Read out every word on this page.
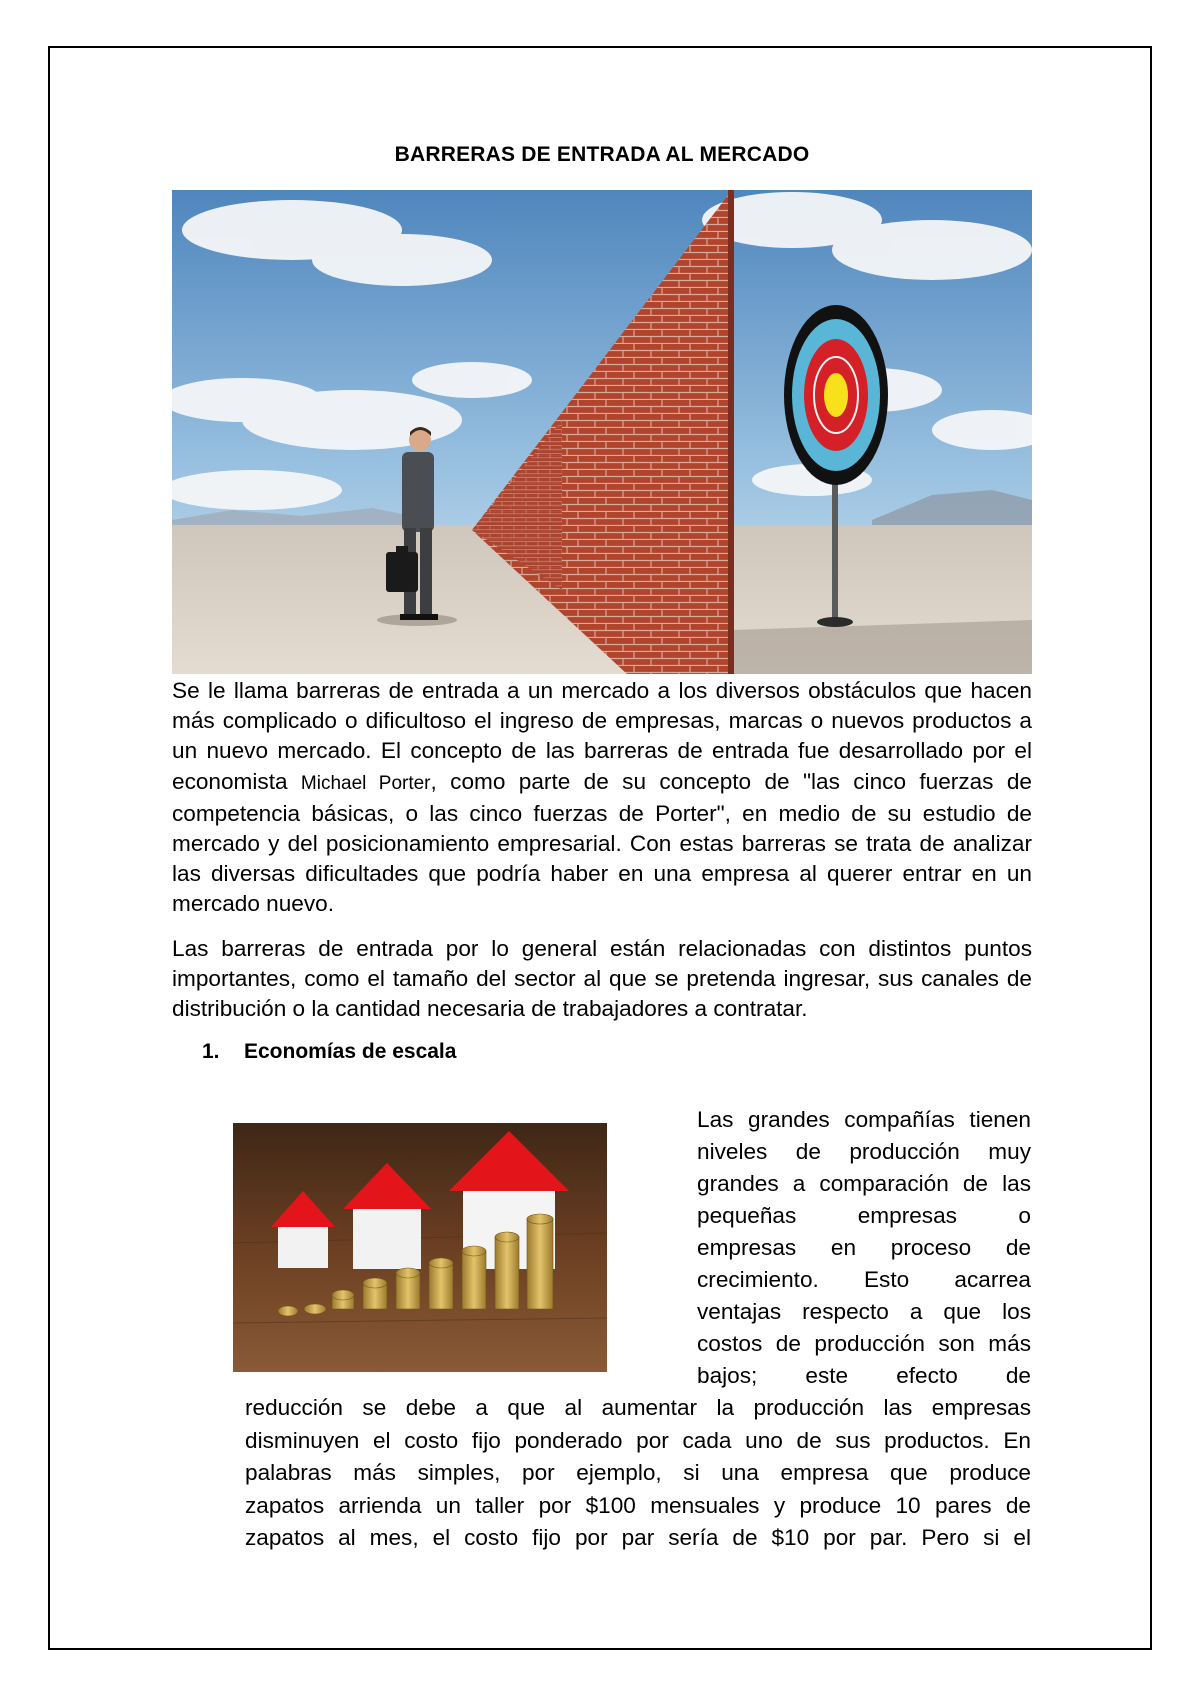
BARRERAS DE ENTRADA AL MERCADO

Se le llama barreras de entrada a un mercado a los diversos obstáculos que hacen más complicado o dificultoso el ingreso de empresas, marcas o nuevos productos a un nuevo mercado. El concepto de las barreras de entrada fue desarrollado por el economista Michael Porter, como parte de su concepto de "las cinco fuerzas de competencia básicas, o las cinco fuerzas de Porter", en medio de su estudio de mercado y del posicionamiento empresarial. Con estas barreras se trata de analizar las diversas dificultades que podría haber en una empresa al querer entrar en un mercado nuevo.

Las barreras de entrada por lo general están relacionadas con distintos puntos importantes, como el tamaño del sector al que se pretenda ingresar, sus canales de distribución o la cantidad necesaria de trabajadores a contratar.

1. Economías de escala
Las grandes compañías tienen
niveles de producción muy
grandes a comparación de las
pequeñas empresas o
empresas en proceso de
crecimiento. Esto acarrea
ventajas respecto a que los
costos de producción son más
bajos; este efecto de
reducción se debe a que al aumentar la producción las empresas
disminuyen el costo fijo ponderado por cada uno de sus productos. En
palabras más simples, por ejemplo, si una empresa que produce
zapatos arrienda un taller por $100 mensuales y produce 10 pares de
zapatos al mes, el costo fijo por par sería de $10 por par. Pero si el
